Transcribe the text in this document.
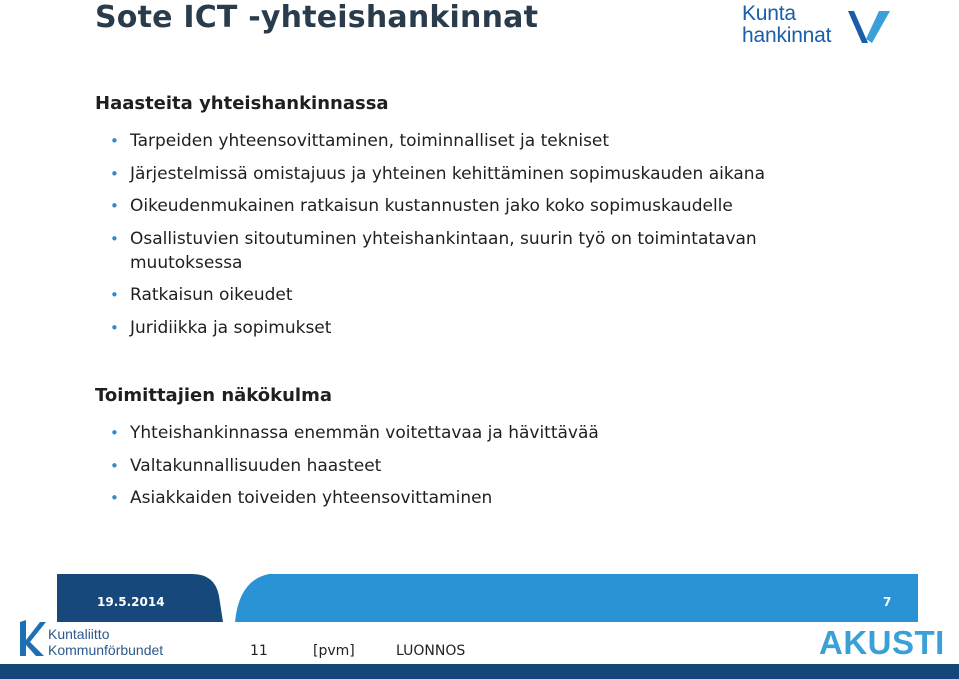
Sote ICT -yhteishankinnat	Kunta
hankinnat
Haasteita yhteishankinnassa
• Tarpeiden yhteensovittaminen, toiminnalliset ja tekniset
• Järjestelmissä omistajuus ja yhteinen kehittäminen sopimuskauden aikana
• Oikeudenmukainen ratkaisun kustannusten jako koko sopimuskaudelle
• Osallistuvien sitoutuminen yhteishankintaan, suurin työ on toimintatavan muutoksessa
• Ratkaisun oikeudet
• Juridiikka ja sopimukset
Toimittajien näkökulma
• Yhteishankinnassa enemmän voitettavaa ja hävittävää
• Valtakunnallisuuden haasteet
• Asiakkaiden toiveiden yhteensovittaminen
19.5.2014	7
Kuntaliitto
Kommunförbundet	11	[pvm]	LUONNOS	AKUSTI
